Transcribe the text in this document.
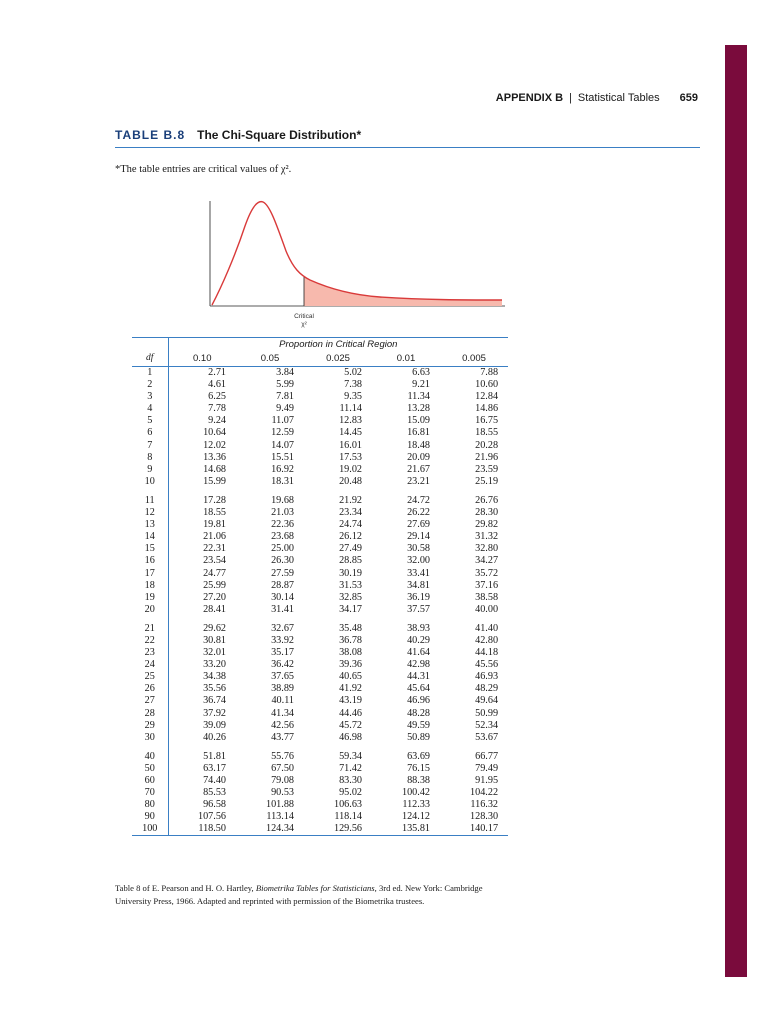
APPENDIX B | Statistical Tables 659
TABLE B.8 The Chi-Square Distribution*
*The table entries are critical values of χ².
Critical
χ²
	Proportion in Critical Region				
df	0.10	0.05	0.025	0.01	0.005
1	2.71	3.84	5.02	6.63	7.88
2	4.61	5.99	7.38	9.21	10.60
3	6.25	7.81	9.35	11.34	12.84
4	7.78	9.49	11.14	13.28	14.86
5	9.24	11.07	12.83	15.09	16.75
6	10.64	12.59	14.45	16.81	18.55
7	12.02	14.07	16.01	18.48	20.28
8	13.36	15.51	17.53	20.09	21.96
9	14.68	16.92	19.02	21.67	23.59
10	15.99	18.31	20.48	23.21	25.19

11	17.28	19.68	21.92	24.72	26.76
12	18.55	21.03	23.34	26.22	28.30
13	19.81	22.36	24.74	27.69	29.82
14	21.06	23.68	26.12	29.14	31.32
15	22.31	25.00	27.49	30.58	32.80
16	23.54	26.30	28.85	32.00	34.27
17	24.77	27.59	30.19	33.41	35.72
18	25.99	28.87	31.53	34.81	37.16
19	27.20	30.14	32.85	36.19	38.58
20	28.41	31.41	34.17	37.57	40.00

21	29.62	32.67	35.48	38.93	41.40
22	30.81	33.92	36.78	40.29	42.80
23	32.01	35.17	38.08	41.64	44.18
24	33.20	36.42	39.36	42.98	45.56
25	34.38	37.65	40.65	44.31	46.93
26	35.56	38.89	41.92	45.64	48.29
27	36.74	40.11	43.19	46.96	49.64
28	37.92	41.34	44.46	48.28	50.99
29	39.09	42.56	45.72	49.59	52.34
30	40.26	43.77	46.98	50.89	53.67

40	51.81	55.76	59.34	63.69	66.77
50	63.17	67.50	71.42	76.15	79.49
60	74.40	79.08	83.30	88.38	91.95
70	85.53	90.53	95.02	100.42	104.22
80	96.58	101.88	106.63	112.33	116.32
90	107.56	113.14	118.14	124.12	128.30
100	118.50	124.34	129.56	135.81	140.17
Table 8 of E. Pearson and H. O. Hartley, Biometrika Tables for Statisticians, 3rd ed. New York: Cambridge University Press, 1966. Adapted and reprinted with permission of the Biometrika trustees.
